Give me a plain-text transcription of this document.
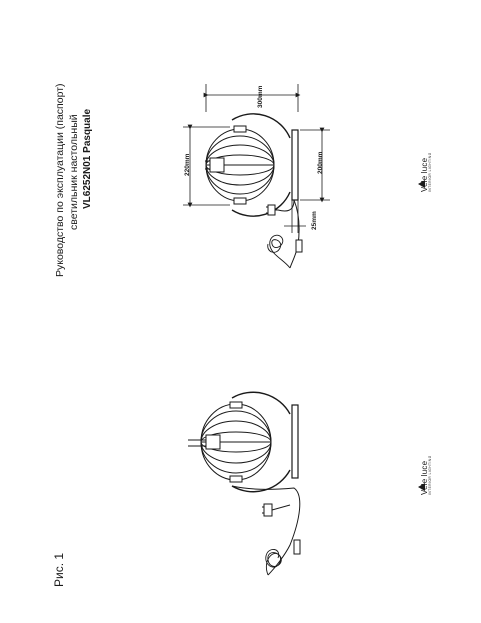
Руководство по эксплуатации (паспорт) светильник настольный VL6252N01 Pasquale
Рис. 1
Vele luce INTERIOR LIGHTING
Vele luce INTERIOR LIGHTING
300mm
220mm	200mm
25mm
